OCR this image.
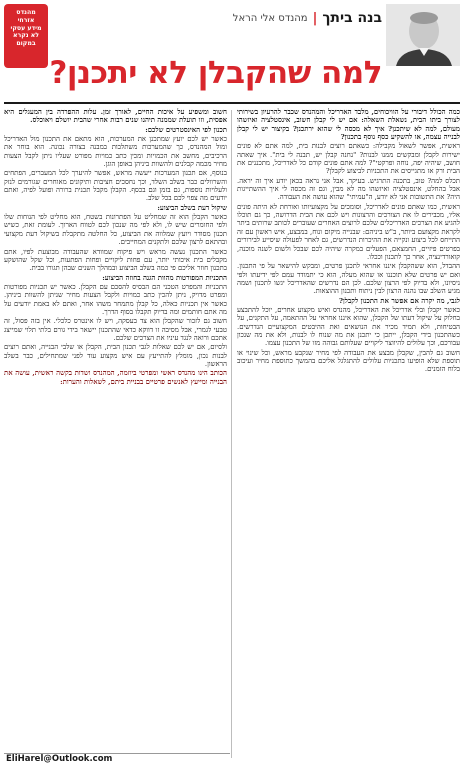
מהנדס
אזרחי
מידע עסקי
לא נקרא
במקום
בנה ביתך
|
מהנדס אלי הראל
למה שהקבלן לא יתכנן?

כמה הכולל דיבורי על הוויכוחים, מלבד האדריכל והמהנדס שכבר להרעיון בשירותי לצורך ביתו הבית, נשאלת השאלה: אם יש לי קבלן חשוב, אינסטלציה ואיזשהו מעולם, למה לא שיתכנן? איך לא מכסה לי שהוא ירתכנן? בקיצור יש לי קבלן לבנייה עצמה, או להשקיע כסף נוסף בתכנון?

ראשית, אפשר לשאול מקבילה: כשאתם רוצים לבנות בית, למה אתם לא פונים ישירות לקבלן ומבקשים ממנו לבנות? "נחנה קבלן יש, תבנה לי בית". איך שאתה חושב, שיהיה יפה, נוחה ופרקטי"? למה אתם פונים קודם כל לאדריכל, מתכננים את הבית ורק אז מתגייסים את התכניות לביצוע לקבלן?

תכלס למה? טוב, בתכנה התרגיש. בעיקר, אבל אני נראה בכאן יודע איך זה יראה. אבל בהחלט, אינסטלציה ואיזשהו מה לא מבין, וגם זה מכסה לי איך ההשתייגות היה? את התשובות אני לא יודע, ה"עמיתי" שהוא עושה את העבודה.

ראשית, כמו שאתם פונים לאדריכל, וסומכים על מקצועיותו ואורחת לא היתה פונים אליו, מכבירים לו את הצורכים והרצונות ויש לכם את הבית הדרושה, כך גם תוכלו להגיע את הצרכים האדריכלים שלכם לרוצים האחרים שעוברים לכותב שרותים ביתר לקראת מקצועם ביותר, ב"ש ביניהם: שבנייה מיקום ונוח, במבצע, איש ראשון עם זה התייחס לכל ביצוע ונקייה את ההיכרות הנדרשים, גם לאחר לפעולה שיסייע לבירורים בפרטים פיזיים, החמצאם, הפעלים במקרה שיהיה לכם שבכל ולשום לשנה מוכנה, קואורדינציה, אחר כך לתכנון וככלו.

ההבדל, הוא ששהקבלן איננו אחראי לתכנן פרטים, ומבקש להישאר על פי התכנון. ואם יש פרטים שלא תוכננו או שהוא מעלה, הוא כי יתמודד עמם לפי ידיעתו ולפי ניסיונו, ולא בדיוק לפי הרצון שלכם. לכן הם נדרשים שהאדריכל יגשו לתכנון ושמה מגיע השלב שבו נהנה הרצון לבין ניתוח ותכנון ההוצאות.

לגבי, מה יקרה אם אפשר את התכנון לקבלן?

כאשר יקבלן ובלי אדריכל את האדריכל, מהנדס ואיש מקצוע אחרים, יוכל להתבצע בחלוק על שיקול דעתו של הקבלן, שהוא איננו אחראי על ההתאמה, על התקנים, על הבטיחות, ולא תמיד מכיר את הנושאים ואת ההיבטים המקצועיים הנדרשים. כשהתכנון בידי הקבלן, ייתכן כי יתכנן את מה שנוח לו לבנות, ולא את מה שנכון עבורכם, וכך עלולים להיווצר ליקויים שעלותם גבוהה מזו של התכנון עצמו.

חשוב גם להבין, שקבלן מבצע את העבודה לפי מחיר שנקבע מראש, וכל שינוי או תוספת שלא הופיעו בתכניות עלולים להתגלגל אליכם בהמשך כתוספת מחיר ועיכוב בלוח הזמנים.

חשוב ומשפיע על איכות החיים, לאורך זמן. עלות ההפרדה בין המעגלים היא אפסית, וזו תועלת שממנה תיהנו שנים רבות אחרי שהבית יושלם ויאוכלס.

תכנון לפי האינסטרטים שלכם:

כאשר יש לכם יועץ שמתכנן את המערכות, הוא מתאם את התכנון מול האדריכל ומול המהנדס, כך שהמערכות משתלבות במבנה בצורה נכונה. הוא בוחר את הרכיבים, מחשב את הכמויות ומכין כתב כמויות מפורט שעליו ניתן לקבל הצעות מחיר מכמה קבלנים ולהשוות ביניהן באופן הוגן.

בנוסף, אם תכנון המערכות ייעשה מראש, אפשר להיערך לכל המעברים, הפתחים והשרוולים כבר בשלב השלד, וכך נחסכים חציבות ותיקונים מאוחרים שגורמים לנזק ולעלויות נוספות, גם בזמן וגם בכסף. הקבלן מקבל תכנית ברורה ופועל לפיה, ואתם יודעים מה צפוי לכם בכל שלב.

שיקול דעת בשלב הביצוע:

כאשר הקבלן הוא זה שמחליט על הפתרונות בשטח, הוא מחליט לפי הנוחות שלו ולפי החומרים שיש לו, ולא לפי מה שנכון לכם לטווח הארוך. לעומת זאת, כשיש תכנון מסודר ויועץ שמלווה את הביצוע, כל החלטה מתקבלת בשיקול דעת מקצועי ובהתאם לרצון שלכם ולתקנים המחייבים.

כאשר התכנון נעשה מראש ויש פיקוח שמוודא שהעבודה מבוצעת לפיו, אתם מקבלים בית איכותי יותר, עם פחות ליקויים ופחות הפתעות, וכל שקל שהושקע בתכנון חוזר אליכם פי כמה בשלב הביצוע ובמהלך השנים שבהן תגורו בבית.

התכניות המפורטות מהוות הגנה בחוזה הביצוע:

התכניות והמפרט הטכני הם הבסיס להסכם עם הקבלן. כאשר יש תכניות מפורטות ומפרט מדויק, ניתן להכין כתב כמויות ולקבל הצעות מחיר שניתן להשוות ביניהן. כאשר אין תכניות כאלה, כל קבלן מתמחר משהו אחר, ואתם לא באמת יודעים על מה אתם חותמים ומה בדיוק תקבלו בסוף הדרך.

חשוב גם לזכור שהקבלן הוא צד בעסקה, ויש לו אינטרס כלכלי. אין בזה פסול, זה טבעי לגמרי, אבל מסיבה זו דווקא כדאי שהתכנון יישאר בידי גורם בלתי תלוי שמייצג אתכם ורואה לנגד עיניו את הצרכים שלכם.

ולסיום, אם יש לכם שאלות לגבי תכנון הבית, הקבלן או שלבי הבנייה, ואתם רוצים לבנות נכון, מומלץ להתייעץ עם איש מקצוע עוד לפני שמתחילים, כבר בשלב הראשון.

הכותב הינו מהנדס ראשי ומפרטי ביוזמה, המהנדס ושדות בקשה ראשית, עושה את הבנייה ומייעץ לאנשים פרטיים בבניית ביתם, לשאלות והערות:

EliHarel@Outlook.com
